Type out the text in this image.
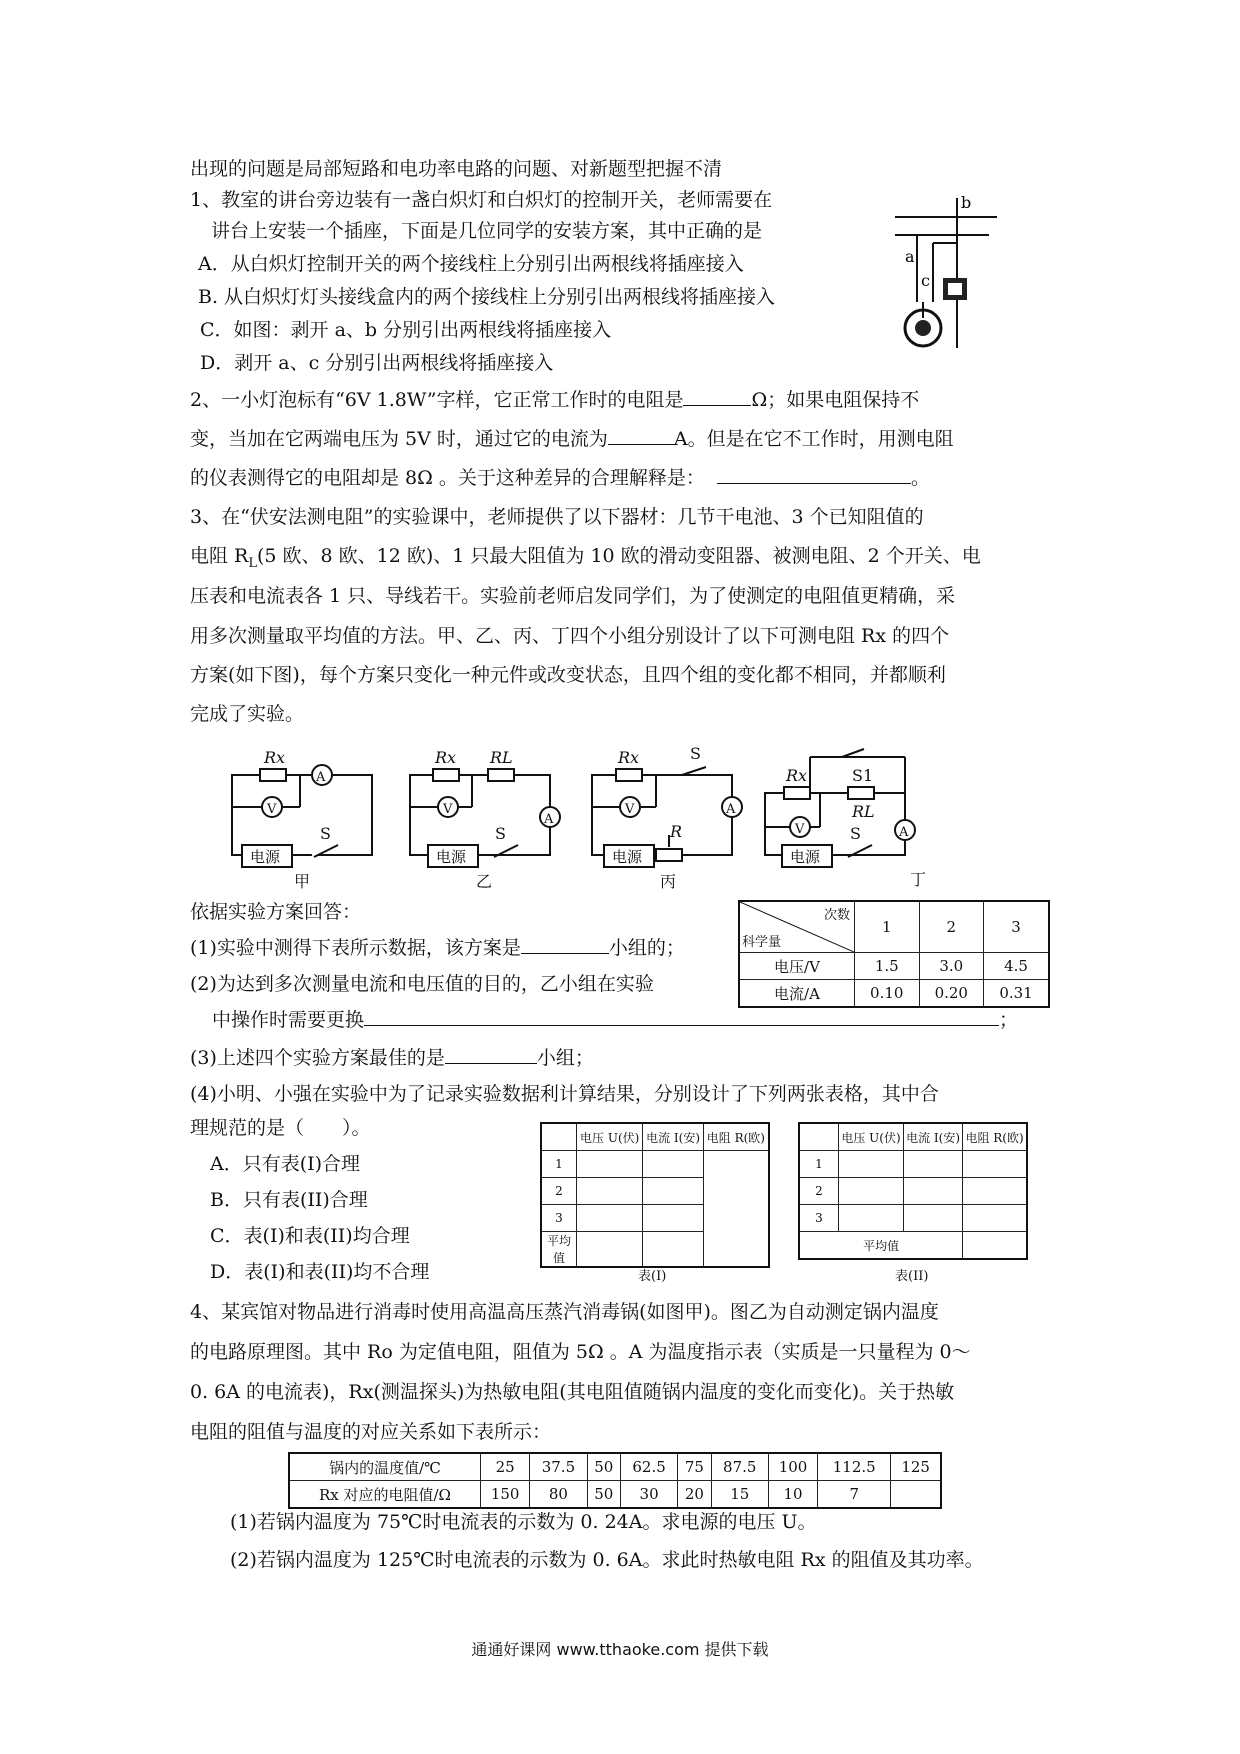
出现的问题是局部短路和电功率电路的问题、对新题型把握不清
1、教室的讲台旁边装有一盏白炽灯和白炽灯的控制开关，老师需要在
讲台上安装一个插座，下面是几位同学的安装方案，其中正确的是
A．从白炽灯控制开关的两个接线柱上分别引出两根线将插座接入
B. 从白炽灯灯头接线盒内的两个接线柱上分别引出两根线将插座接入
C．如图：剥开 a、b 分别引出两根线将插座接入
D．剥开 a、c 分别引出两根线将插座接入
b
a
c
2、一小灯泡标有“6V 1.8W”字样，它正常工作时的电阻是	Ω；如果电阻保持不
变，当加在它两端电压为 5V 时，通过它的电流为	A。但是在它不工作时，用测电阻
的仪表测得它的电阻却是 8Ω 。关于这种差异的合理解释是：	。
3、在“伏安法测电阻”的实验课中，老师提供了以下器材：几节干电池、3 个已知阻值的
电阻 $R_L(5$ 欧、8 欧、12 欧)、1 只最大阻值为 10 欧的滑动变阻器、被测电阻、2 个开关、电
压表和电流表各 1 只、导线若干。实验前老师启发同学们，为了使测定的电阻值更精确，采
用多次测量取平均值的方法。甲、乙、丙、丁四个小组分别设计了以下可测电阻 Rx 的四个
方案(如下图)，每个方案只变化一种元件或改变状态，且四个组的变化都不相同，并都顺利
完成了实验。
Rx
A
V
电源
S
甲
Rx RL
A
V
电源
S
乙
Rx
A
V
电源
S
R
丙
Rx	S1
RL
A
V
电源
S
丁
依据实验方案回答：
(1)实验中测得下表所示数据，该方案是	小组的；
(2)为达到多次测量电流和电压值的目的，乙小组在实验
中操作时需要更换	；
(3)上述四个实验方案最佳的是	小组；
(4)小明、小强在实验中为了记录实验数据利计算结果，分别设计了下列两张表格，其中合
理规范的是（　　）。
A．只有表(I)合理
B．只有表(II)合理
C．表(I)和表(II)均合理
D．表(I)和表(II)均不合理
次数
科学量	1	2	3
电压/V	1.5	3.0	4.5
电流/A	0.10	0.20	0.31
	电压 U(伏)	电流 I(安)	电阻 R(欧)
1			
2			
3			
平均值			
表(I)
	电压 U(伏)	电流 I(安)	电阻 R(欧)
1			
2			
3			
平均值			
表(II)
4、某宾馆对物品进行消毒时使用高温高压蒸汽消毒锅(如图甲)。图乙为自动测定锅内温度
的电路原理图。其中 Ro 为定值电阻，阻值为 5Ω 。A 为温度指示表（实质是一只量程为 0～
0. 6A 的电流表)，Rx(测温探头)为热敏电阻(其电阻值随锅内温度的变化而变化)。关于热敏
电阻的阻值与温度的对应关系如下表所示：
锅内的温度值/℃	25	37.5	50	62.5	75	87.5	100	112.5	125
Rx 对应的电阻值/Ω	150	80	50	30	20	15	10	7	
(1)若锅内温度为 75℃时电流表的示数为 0. 24A。求电源的电压 U。
(2)若锅内温度为 125℃时电流表的示数为 0. 6A。求此时热敏电阻 Rx 的阻值及其功率。
通通好课网 www.tthaoke.com 提供下载
